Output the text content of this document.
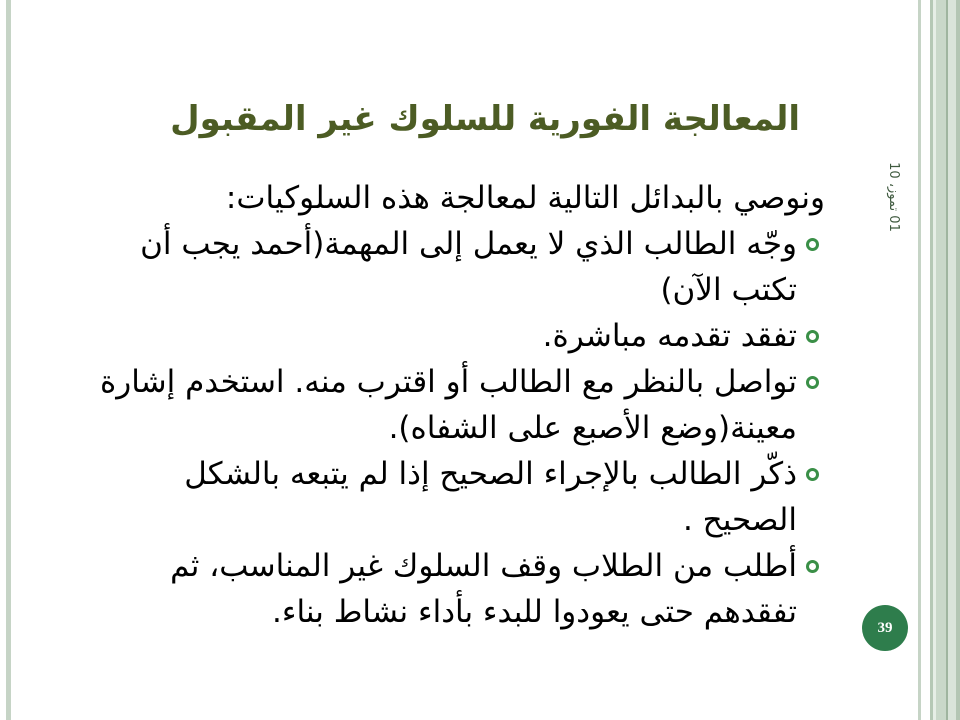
المعالجة الفورية للسلوك غير المقبول
01 تموز، 10
ونوصي بالبدائل التالية لمعالجة هذه السلوكيات:
وجّه الطالب الذي لا يعمل إلى المهمة(أحمد يجب أن
تكتب الآن)
تفقد تقدمه مباشرة.
تواصل بالنظر مع الطالب أو اقترب منه. استخدم إشارة
معينة(وضع الأصبع على الشفاه).
ذكّر الطالب بالإجراء الصحيح إذا لم يتبعه بالشكل
الصحيح .
أطلب من الطلاب وقف السلوك غير المناسب، ثم
تفقدهم حتى يعودوا للبدء بأداء نشاط بناء.	39
